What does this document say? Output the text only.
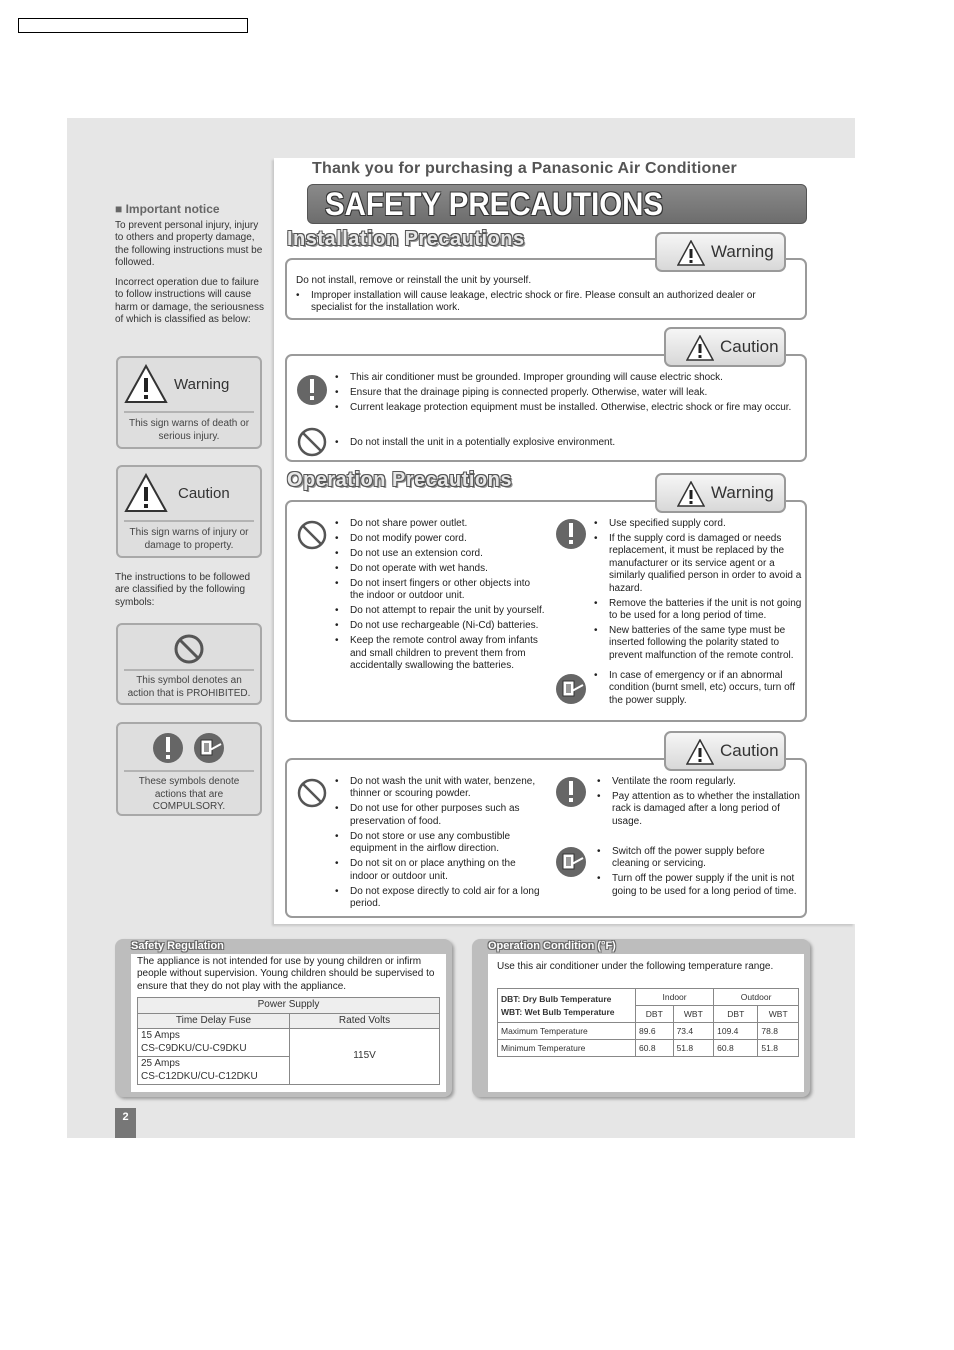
Thank you for purchasing a Panasonic Air Conditioner
SAFETY PRECAUTIONS
■ Important notice
To prevent personal injury, injury to others and property damage, the following instructions must be followed.
Incorrect operation due to failure to follow instructions will cause harm or damage, the seriousness of which is classified as below:
Warning
This sign warns of death or serious injury.
Caution
This sign warns of injury or damage to property.
The instructions to be followed are classified by the following symbols:
This symbol denotes an action that is PROHIBITED.
These symbols denote actions that are COMPULSORY.
Installation Precautions
Do not install, remove or reinstall the unit by yourself.
• Improper installation will cause leakage, electric shock or fire. Please consult an authorized dealer or specialist for the installation work.
Warning
• This air conditioner must be grounded. Improper grounding will cause electric shock.
• Ensure that the drainage piping is connected properly. Otherwise, water will leak.
• Current leakage protection equipment must be installed. Otherwise, electric shock or fire may occur.
• Do not install the unit in a potentially explosive environment.
Caution
Operation Precautions
• Do not share power outlet.
• Do not modify power cord.
• Do not use an extension cord.
• Do not operate with wet hands.
• Do not insert fingers or other objects into the indoor or outdoor unit.
• Do not attempt to repair the unit by yourself.
• Do not use rechargeable (Ni-Cd) batteries.
• Keep the remote control away from infants and small children to prevent them from accidentally swallowing the batteries.
• Use specified supply cord.
• If the supply cord is damaged or needs replacement, it must be replaced by the manufacturer or its service agent or a similarly qualified person in order to avoid a hazard.
• Remove the batteries if the unit is not going to be used for a long period of time.
• New batteries of the same type must be inserted following the polarity stated to prevent malfunction of the remote control.
• In case of emergency or if an abnormal condition (burnt smell, etc) occurs, turn off the power supply.
Warning
• Do not wash the unit with water, benzene, thinner or scouring powder.
• Do not use for other purposes such as preservation of food.
• Do not store or use any combustible equipment in the airflow direction.
• Do not sit on or place anything on the indoor or outdoor unit.
• Do not expose directly to cold air for a long period.
• Ventilate the room regularly.
• Pay attention as to whether the installation rack is damaged after a long period of usage.
• Switch off the power supply before cleaning or servicing.
• Turn off the power supply if the unit is not going to be used for a long period of time.
Caution
Safety Regulation
The appliance is not intended for use by young children or infirm people without supervision. Young children should be supervised to ensure that they do not play with the appliance.
Power Supply	
Time Delay Fuse	Rated Volts

15 Amps
CS-C9DKU/CU-C9DKU	115V

25 Amps
CS-C12DKU/CU-C12DKU	
Operation Condition (°F)
Use this air conditioner under the following temperature range.
DBT: Dry Bulb Temperature
WBT: Wet Bulb Temperature	Indoor		Outdoor	
	DBT	WBT	DBT	WBT
Maximum Temperature	89.6	73.4	109.4	78.8
Minimum Temperature	60.8	51.8	60.8	51.8
2
